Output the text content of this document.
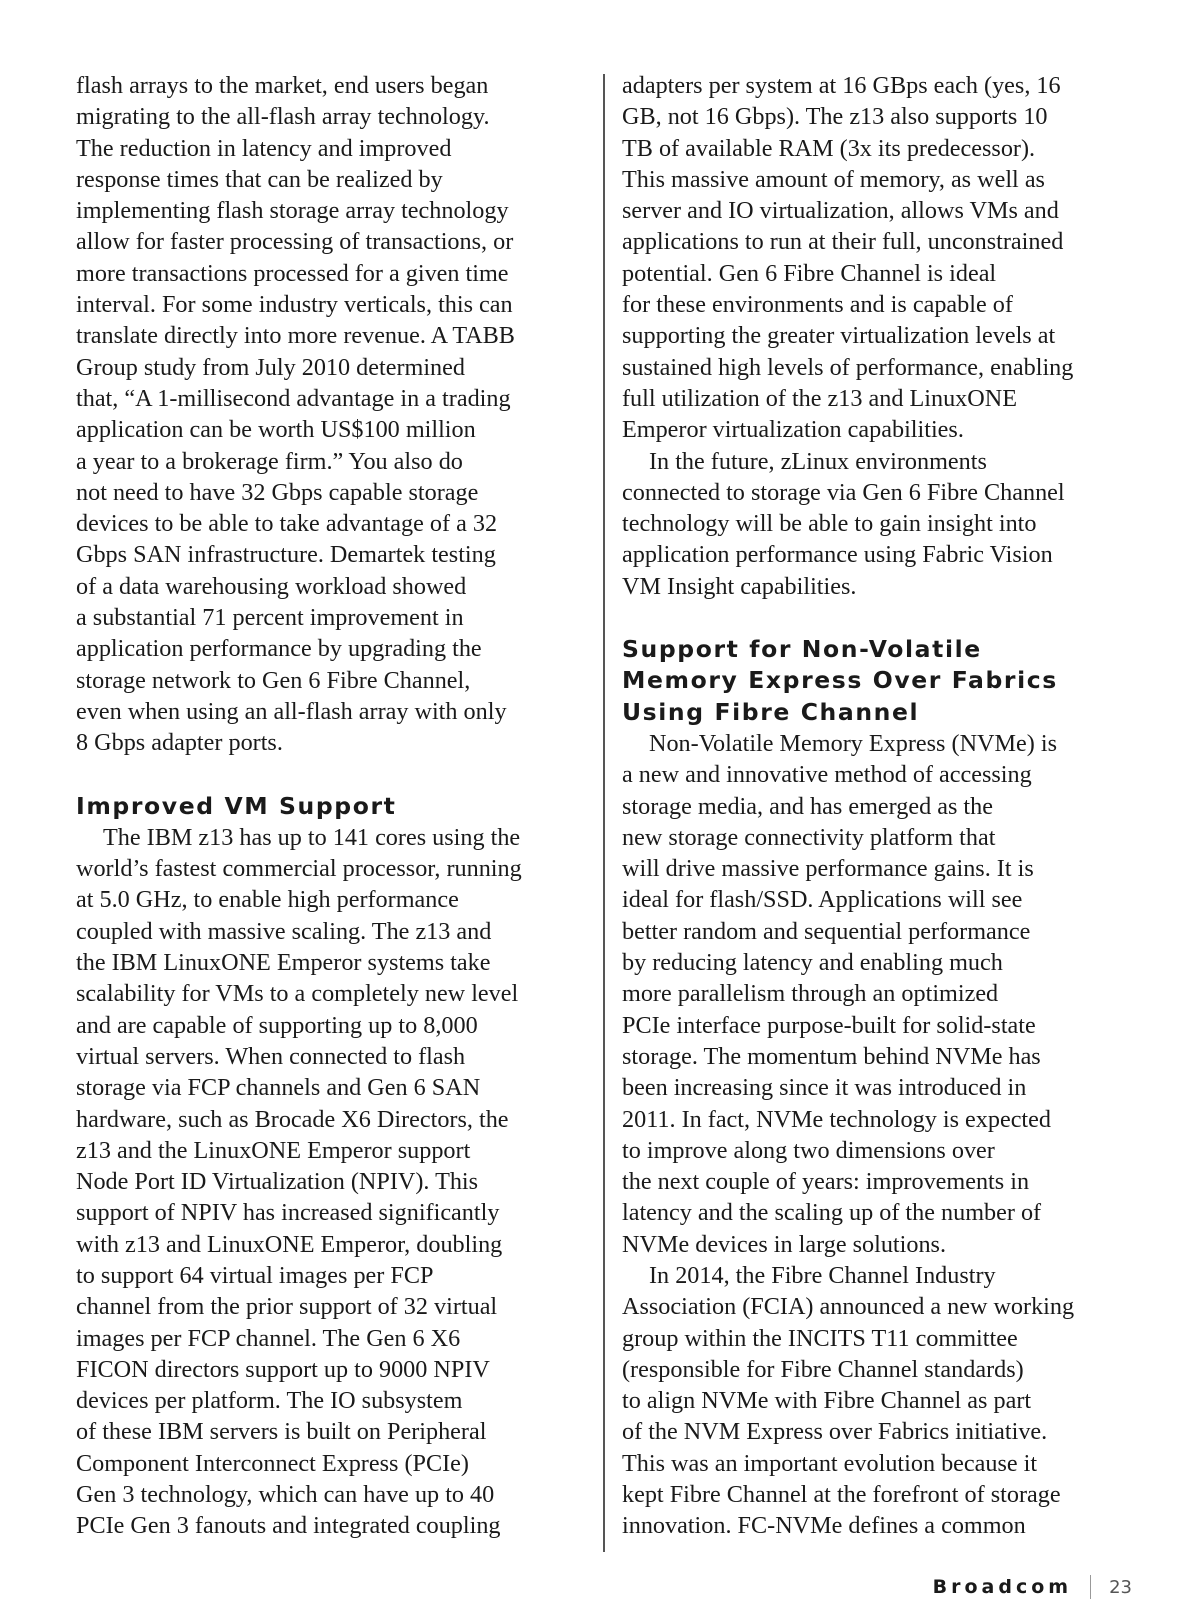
flash arrays to the market, end users began
migrating to the all-flash array technology.
The reduction in latency and improved
response times that can be realized by
implementing flash storage array technology
allow for faster processing of transactions, or
more transactions processed for a given time
interval. For some industry verticals, this can
translate directly into more revenue. A TABB
Group study from July 2010 determined
that, “A 1-millisecond advantage in a trading
application can be worth US$100 million
a year to a brokerage firm.” You also do
not need to have 32 Gbps capable storage
devices to be able to take advantage of a 32
Gbps SAN infrastructure. Demartek testing
of a data warehousing workload showed
a substantial 71 percent improvement in
application performance by upgrading the
storage network to Gen 6 Fibre Channel,
even when using an all-flash array with only
8 Gbps adapter ports.
Improved VM Support
The IBM z13 has up to 141 cores using the
world’s fastest commercial processor, running
at 5.0 GHz, to enable high performance
coupled with massive scaling. The z13 and
the IBM LinuxONE Emperor systems take
scalability for VMs to a completely new level
and are capable of supporting up to 8,000
virtual servers. When connected to flash
storage via FCP channels and Gen 6 SAN
hardware, such as Brocade X6 Directors, the
z13 and the LinuxONE Emperor support
Node Port ID Virtualization (NPIV). This
support of NPIV has increased significantly
with z13 and LinuxONE Emperor, doubling
to support 64 virtual images per FCP
channel from the prior support of 32 virtual
images per FCP channel. The Gen 6 X6
FICON directors support up to 9000 NPIV
devices per platform. The IO subsystem
of these IBM servers is built on Peripheral
Component Interconnect Express (PCIe)
Gen 3 technology, which can have up to 40
PCIe Gen 3 fanouts and integrated coupling
adapters per system at 16 GBps each (yes, 16
GB, not 16 Gbps). The z13 also supports 10
TB of available RAM (3x its predecessor).
This massive amount of memory, as well as
server and IO virtualization, allows VMs and
applications to run at their full, unconstrained
potential. Gen 6 Fibre Channel is ideal
for these environments and is capable of
supporting the greater virtualization levels at
sustained high levels of performance, enabling
full utilization of the z13 and LinuxONE
Emperor virtualization capabilities.
In the future, zLinux environments
connected to storage via Gen 6 Fibre Channel
technology will be able to gain insight into
application performance using Fabric Vision
VM Insight capabilities.
Support for Non-Volatile
Memory Express Over Fabrics
Using Fibre Channel
Non-Volatile Memory Express (NVMe) is
a new and innovative method of accessing
storage media, and has emerged as the
new storage connectivity platform that
will drive massive performance gains. It is
ideal for flash/SSD. Applications will see
better random and sequential performance
by reducing latency and enabling much
more parallelism through an optimized
PCIe interface purpose-built for solid-state
storage. The momentum behind NVMe has
been increasing since it was introduced in
2011. In fact, NVMe technology is expected
to improve along two dimensions over
the next couple of years: improvements in
latency and the scaling up of the number of
NVMe devices in large solutions.
In 2014, the Fibre Channel Industry
Association (FCIA) announced a new working
group within the INCITS T11 committee
(responsible for Fibre Channel standards)
to align NVMe with Fibre Channel as part
of the NVM Express over Fabrics initiative.
This was an important evolution because it
kept Fibre Channel at the forefront of storage
innovation. FC-NVMe defines a common
Broadcom 23
